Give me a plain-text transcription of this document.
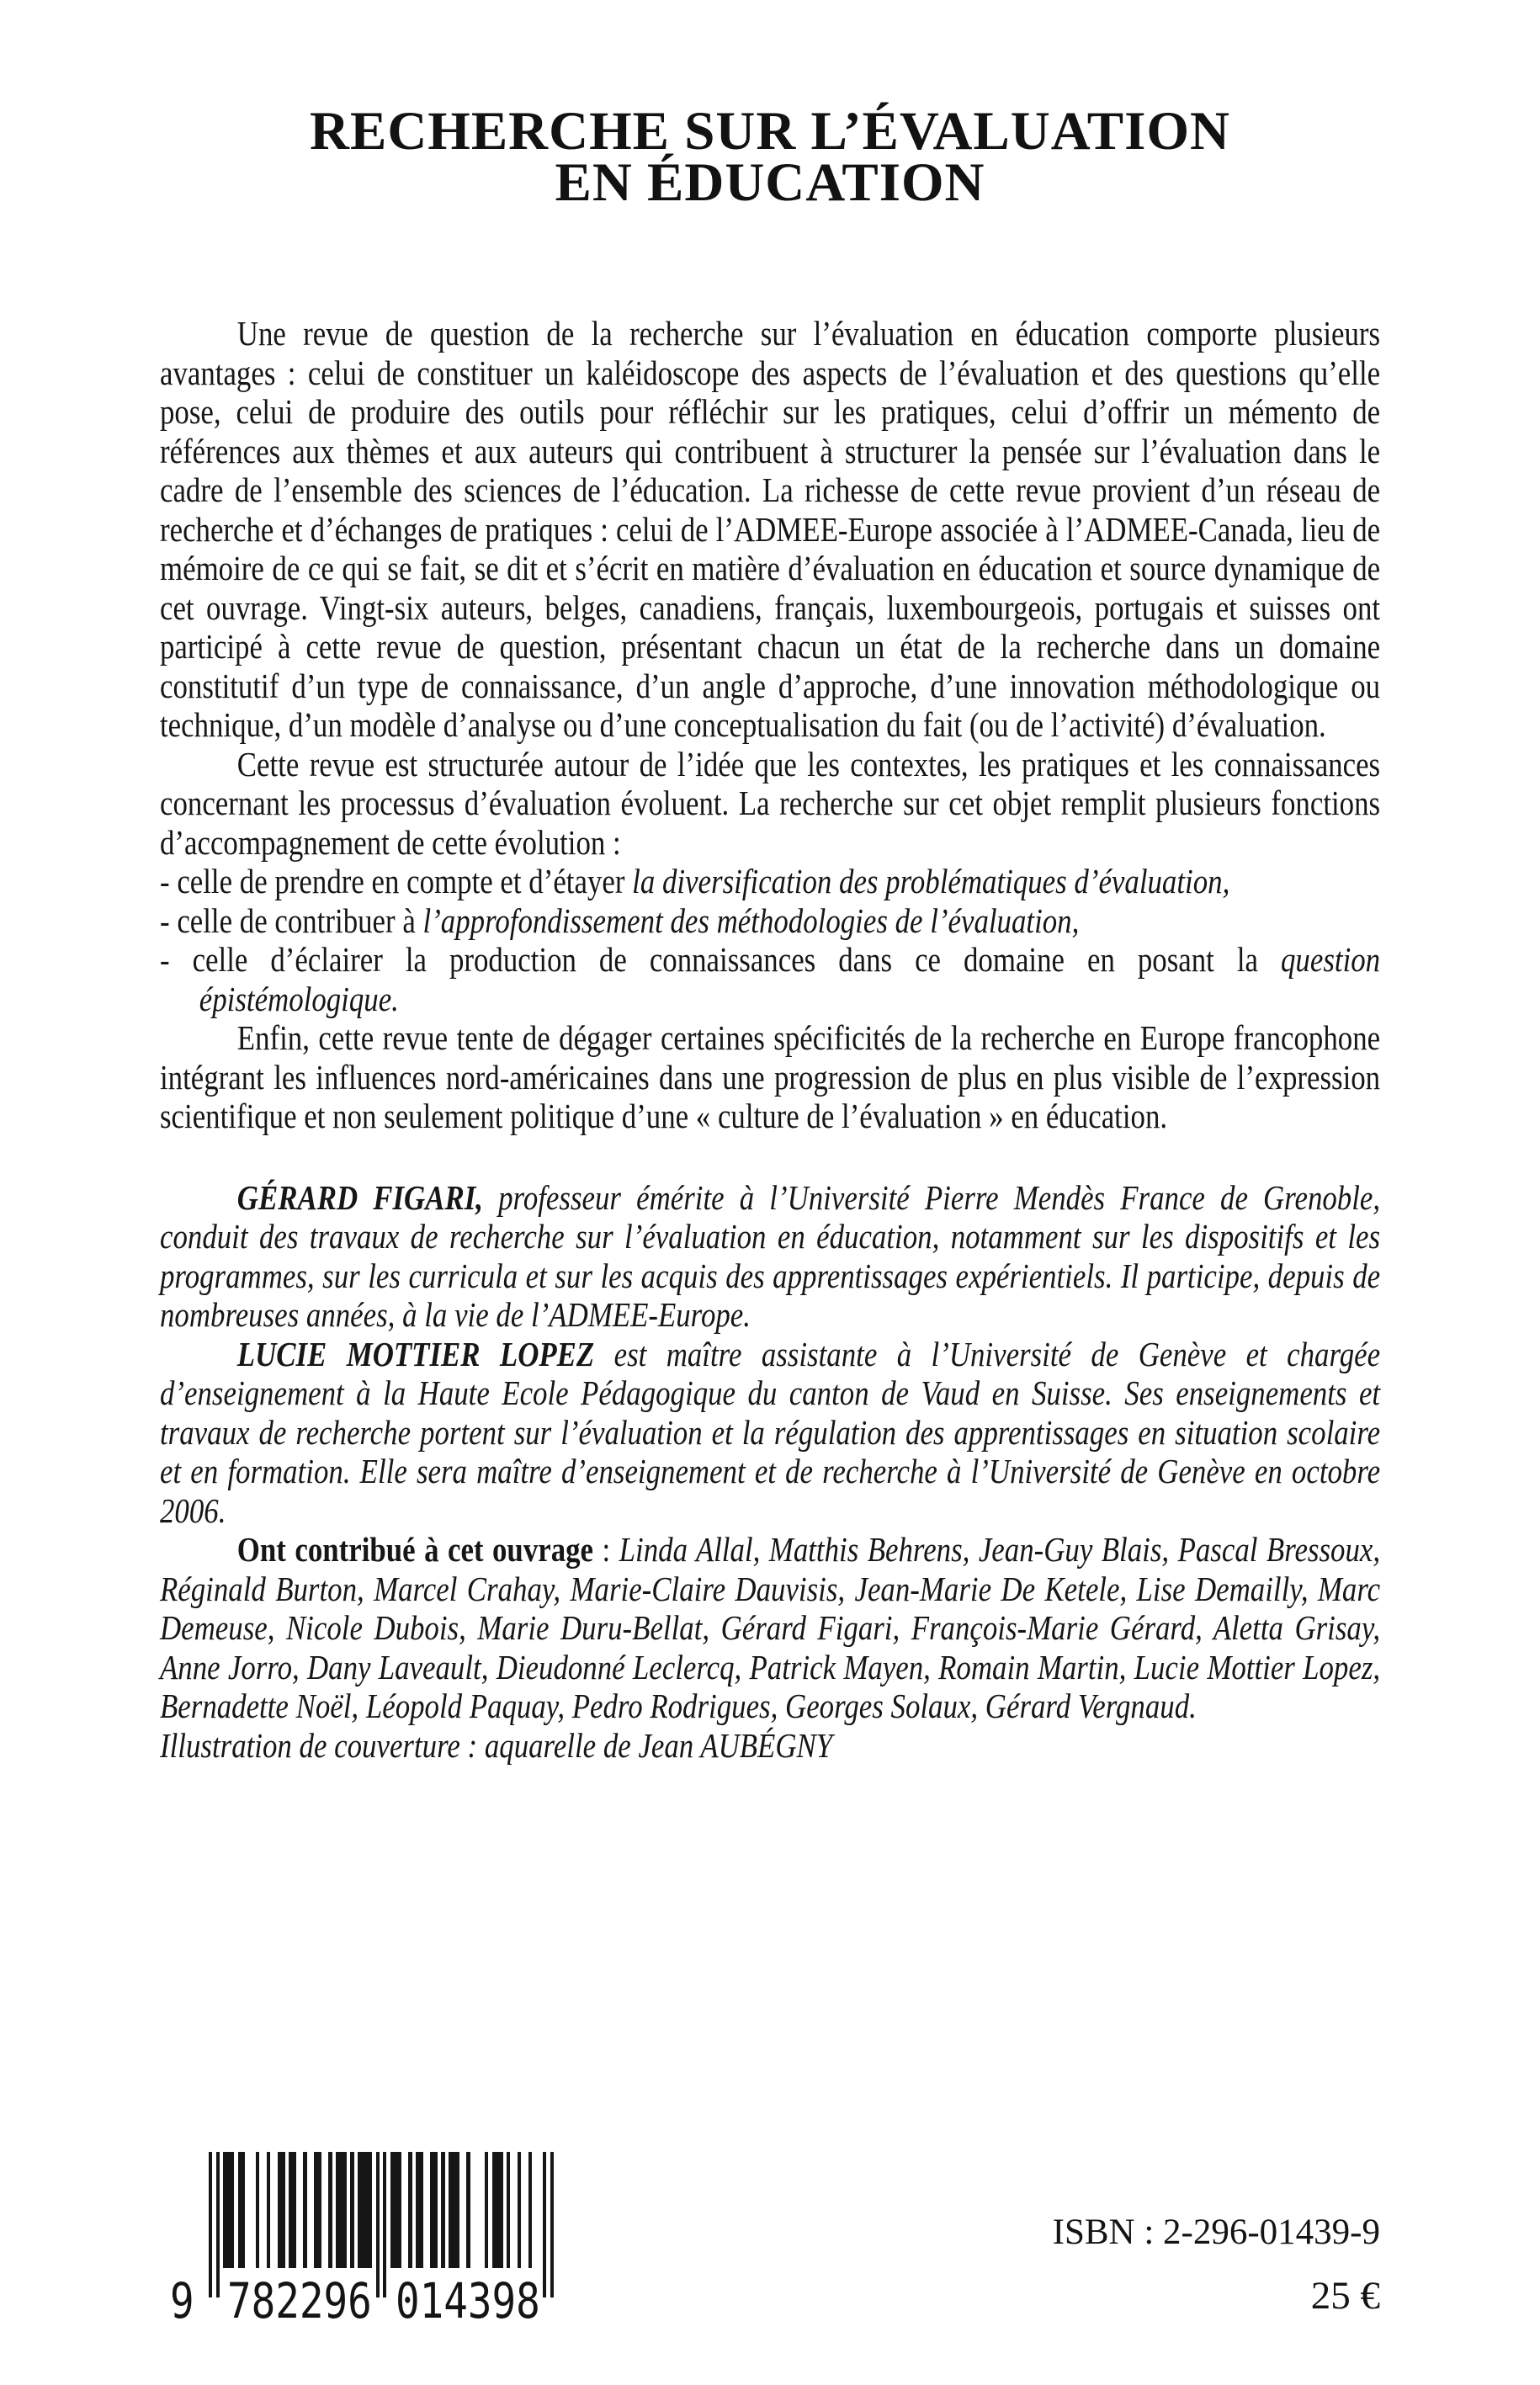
RECHERCHE SUR L’ÉVALUATION
EN ÉDUCATION

Une revue de question de la recherche sur l’évaluation en éducation comporte plusieurs avantages : celui de constituer un kaléidoscope des aspects de l’évaluation et des questions qu’elle pose, celui de produire des outils pour réfléchir sur les pratiques, celui d’offrir un mémento de références aux thèmes et aux auteurs qui contribuent à structurer la pensée sur l’évaluation dans le cadre de l’ensemble des sciences de l’éducation. La richesse de cette revue provient d’un réseau de recherche et d’échanges de pratiques : celui de l’ADMEE-Europe associée à l’ADMEE-Canada, lieu de mémoire de ce qui se fait, se dit et s’écrit en matière d’évaluation en éducation et source dynamique de cet ouvrage. Vingt-six auteurs, belges, canadiens, français, luxembourgeois, portugais et suisses ont participé à cette revue de question, présentant chacun un état de la recherche dans un domaine constitutif d’un type de connaissance, d’un angle d’approche, d’une innovation méthodologique ou technique, d’un modèle d’analyse ou d’une conceptualisation du fait (ou de l’activité) d’évaluation.

Cette revue est structurée autour de l’idée que les contextes, les pratiques et les connaissances concernant les processus d’évaluation évoluent. La recherche sur cet objet remplit plusieurs fonctions d’accompagnement de cette évolution :

- celle de prendre en compte et d’étayer la diversification des problématiques d’évaluation,

- celle de contribuer à l’approfondissement des méthodologies de l’évaluation,

- celle d’éclairer la production de connaissances dans ce domaine en posant la question épistémologique.

Enfin, cette revue tente de dégager certaines spécificités de la recherche en Europe francophone intégrant les influences nord-américaines dans une progression de plus en plus visible de l’expression scientifique et non seulement politique d’une « culture de l’évaluation » en éducation.

GÉRARD FIGARI, professeur émérite à l’Université Pierre Mendès France de Grenoble, conduit des travaux de recherche sur l’évaluation en éducation, notamment sur les dispositifs et les programmes, sur les curricula et sur les acquis des apprentissages expérientiels. Il participe, depuis de nombreuses années, à la vie de l’ADMEE-Europe.

LUCIE MOTTIER LOPEZ est maître assistante à l’Université de Genève et chargée d’enseignement à la Haute Ecole Pédagogique du canton de Vaud en Suisse. Ses enseignements et travaux de recherche portent sur l’évaluation et la régulation des apprentissages en situation scolaire et en formation. Elle sera maître d’enseignement et de recherche à l’Université de Genève en octobre 2006.

Ont contribué à cet ouvrage : Linda Allal, Matthis Behrens, Jean-Guy Blais, Pascal Bressoux, Réginald Burton, Marcel Crahay, Marie-Claire Dauvisis, Jean-Marie De Ketele, Lise Demailly, Marc Demeuse, Nicole Dubois, Marie Duru-Bellat, Gérard Figari, François-Marie Gérard, Aletta Grisay, Anne Jorro, Dany Laveault, Dieudonné Leclercq, Patrick Mayen, Romain Martin, Lucie Mottier Lopez, Bernadette Noël, Léopold Paquay, Pedro Rodrigues, Georges Solaux, Gérard Vergnaud.

Illustration de couverture : aquarelle de Jean AUBÉGNY

ISBN : 2-296-01439-9
25 €
9 782296 014398
